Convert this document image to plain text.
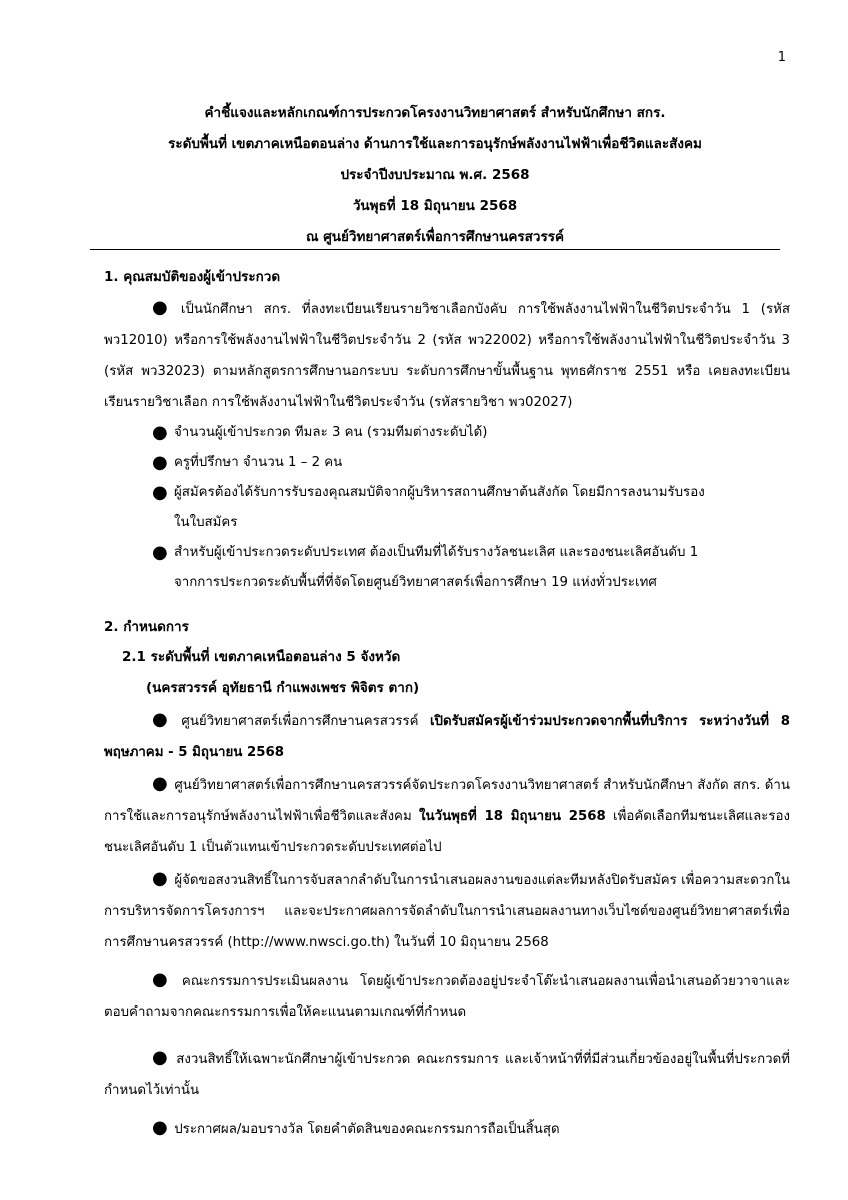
1
คำชี้แจงและหลักเกณฑ์การประกวดโครงงานวิทยาศาสตร์ สำหรับนักศึกษา สกร.
ระดับพื้นที่ เขตภาคเหนือตอนล่าง ด้านการใช้และการอนุรักษ์พลังงานไฟฟ้าเพื่อชีวิตและสังคม
ประจำปีงบประมาณ พ.ศ. 2568
วันพุธที่ 18 มิถุนายน 2568
ณ ศูนย์วิทยาศาสตร์เพื่อการศึกษานครสวรรค์
1. คุณสมบัติของผู้เข้าประกวด

● เป็นนักศึกษา สกร. ที่ลงทะเบียนเรียนรายวิชาเลือกบังคับ การใช้พลังงานไฟฟ้าในชีวิตประจำวัน 1 (รหัส พว12010) หรือการใช้พลังงานไฟฟ้าในชีวิตประจำวัน 2 (รหัส พว22002) หรือการใช้พลังงานไฟฟ้าในชีวิตประจำวัน 3 (รหัส พว32023) ตามหลักสูตรการศึกษานอกระบบ ระดับการศึกษาขั้นพื้นฐาน พุทธศักราช 2551 หรือ เคยลงทะเบียนเรียนรายวิชาเลือก การใช้พลังงานไฟฟ้าในชีวิตประจำวัน (รหัสรายวิชา พว02027)

● จำนวนผู้เข้าประกวด ทีมละ 3 คน (รวมทีมต่างระดับได้)
● ครูที่ปรึกษา จำนวน 1 – 2 คน
● ผู้สมัครต้องได้รับการรับรองคุณสมบัติจากผู้บริหารสถานศึกษาต้นสังกัด โดยมีการลงนามรับรอง
ในใบสมัคร
● สำหรับผู้เข้าประกวดระดับประเทศ ต้องเป็นทีมที่ได้รับรางวัลชนะเลิศ และรองชนะเลิศอันดับ 1
จากการประกวดระดับพื้นที่ที่จัดโดยศูนย์วิทยาศาสตร์เพื่อการศึกษา 19 แห่งทั่วประเทศ
2. กำหนดการ
2.1 ระดับพื้นที่ เขตภาคเหนือตอนล่าง 5 จังหวัด
(นครสวรรค์ อุทัยธานี กำแพงเพชร พิจิตร ตาก)

● ศูนย์วิทยาศาสตร์เพื่อการศึกษานครสวรรค์ เปิดรับสมัครผู้เข้าร่วมประกวดจากพื้นที่บริการ ระหว่างวันที่ 8 พฤษภาคม - 5 มิถุนายน 2568

● ศูนย์วิทยาศาสตร์เพื่อการศึกษานครสวรรค์จัดประกวดโครงงานวิทยาศาสตร์ สำหรับนักศึกษา สังกัด สกร. ด้านการใช้และการอนุรักษ์พลังงานไฟฟ้าเพื่อชีวิตและสังคม ในวันพุธที่ 18 มิถุนายน 2568 เพื่อคัดเลือกทีมชนะเลิศและรองชนะเลิศอันดับ 1 เป็นตัวแทนเข้าประกวดระดับประเทศต่อไป

● ผู้จัดขอสงวนสิทธิ์ในการจับสลากลำดับในการนำเสนอผลงานของแต่ละทีมหลังปิดรับสมัคร เพื่อความสะดวกในการบริหารจัดการโครงการฯ และจะประกาศผลการจัดลำดับในการนำเสนอผลงานทางเว็บไซต์ของศูนย์วิทยาศาสตร์เพื่อการศึกษานครสวรรค์ (http://www.nwsci.go.th) ในวันที่ 10 มิถุนายน 2568

● คณะกรรมการประเมินผลงาน โดยผู้เข้าประกวดต้องอยู่ประจำโต๊ะนำเสนอผลงานเพื่อนำเสนอด้วยวาจาและตอบคำถามจากคณะกรรมการเพื่อให้คะแนนตามเกณฑ์ที่กำหนด

● สงวนสิทธิ์ให้เฉพาะนักศึกษาผู้เข้าประกวด คณะกรรมการ และเจ้าหน้าที่ที่มีส่วนเกี่ยวข้องอยู่ในพื้นที่ประกวดที่กำหนดไว้เท่านั้น

● ประกาศผล/มอบรางวัล โดยคำตัดสินของคณะกรรมการถือเป็นสิ้นสุด
